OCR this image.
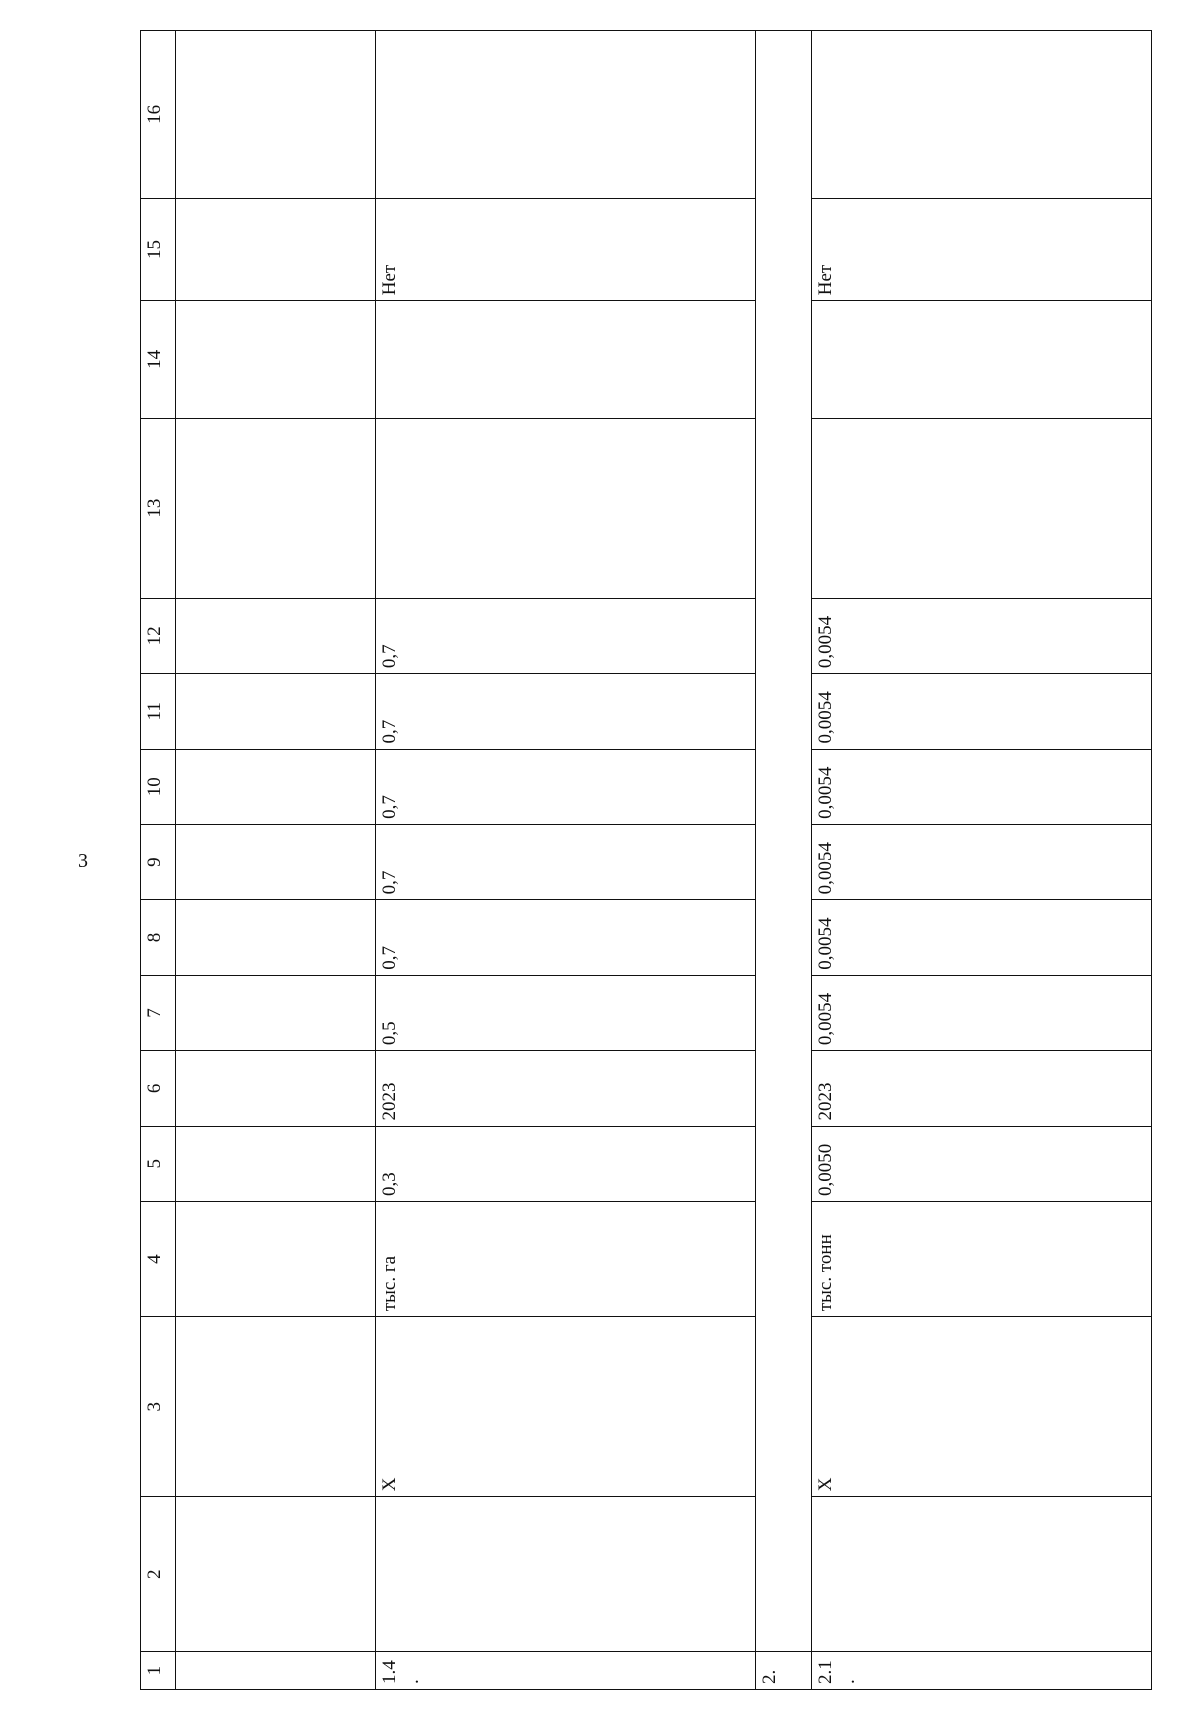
3
1	2	3	4	5	6	7	8	9	10	11	12	13	14	15	16

1.4.		X	тыс. га	0,3	2023	0,5	0,7	0,7	0,7	0,7	0,7			Нет	
2.															
2.1.		X	тыс. тонн	0,0050	2023	0,0054	0,0054	0,0054	0,0054	0,0054	0,0054			Нет	
